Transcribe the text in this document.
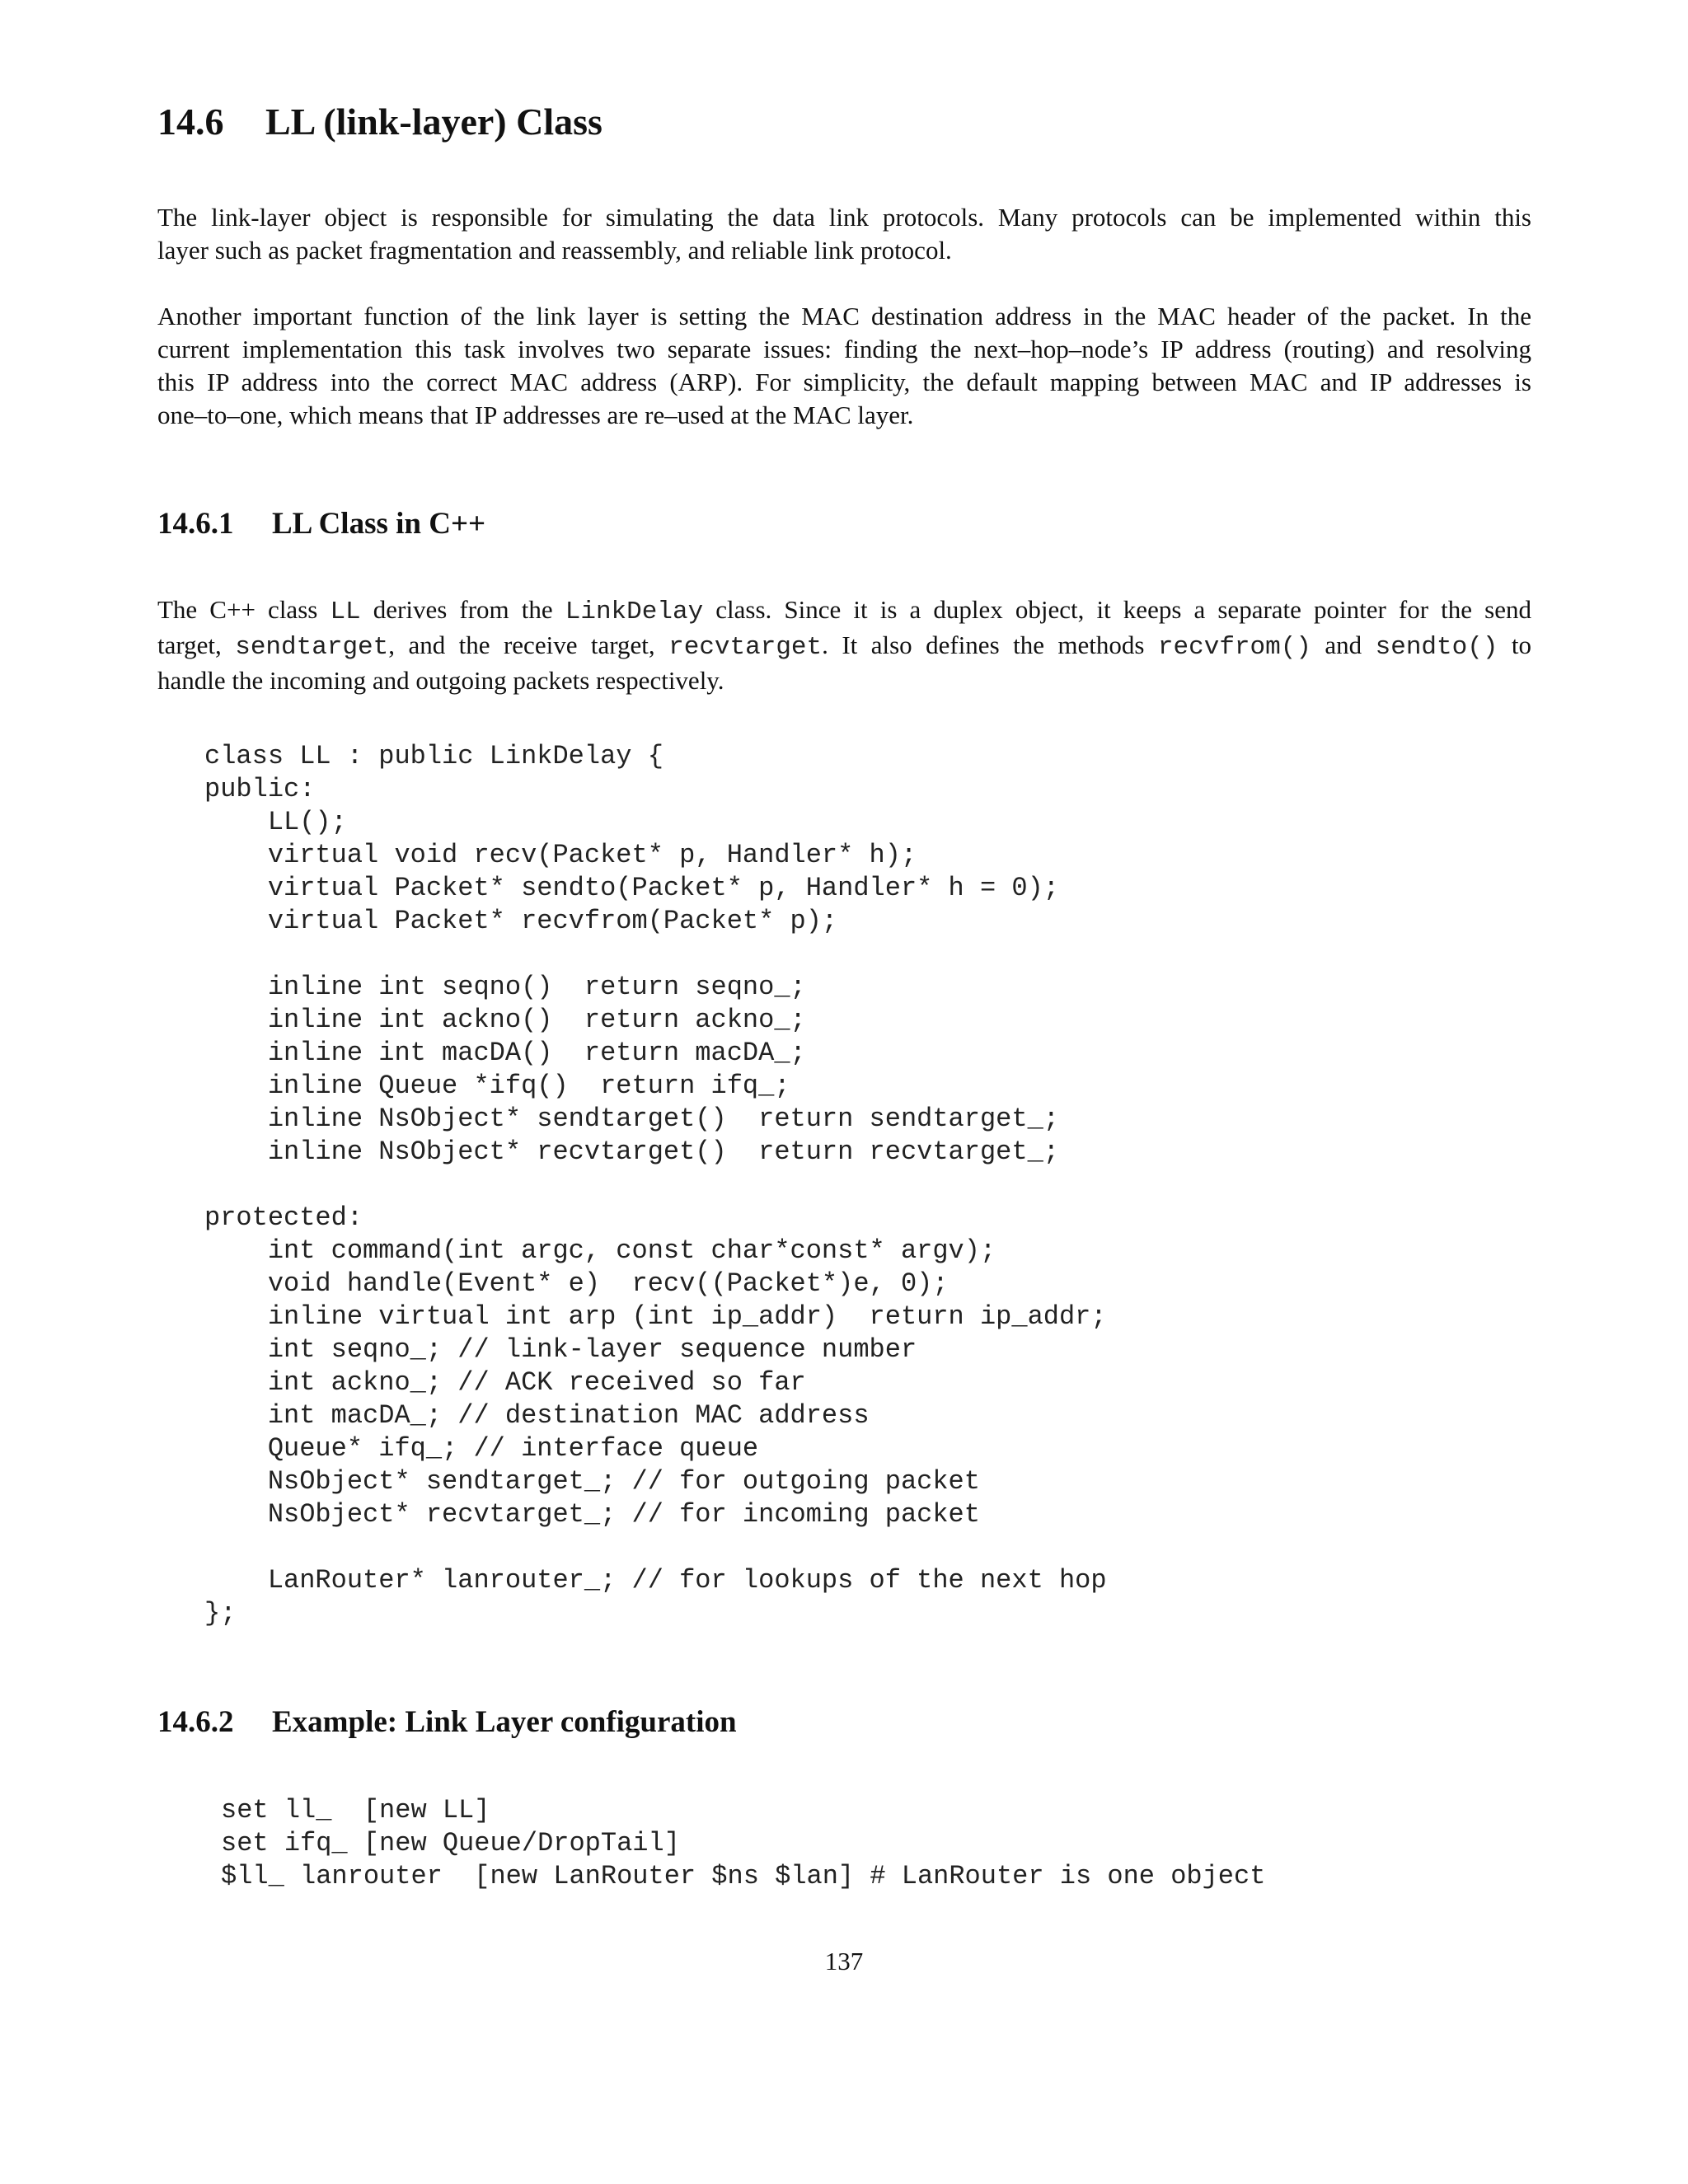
14.6 LL (link-layer) Class

The link-layer object is responsible for simulating the data link protocols. Many protocols can be implemented within this
layer such as packet fragmentation and reassembly, and reliable link protocol.

Another important function of the link layer is setting the MAC destination address in the MAC header of the packet. In the
current implementation this task involves two separate issues: finding the next–hop–node’s IP address (routing) and resolving
this IP address into the correct MAC address (ARP). For simplicity, the default mapping between MAC and IP addresses is
one–to–one, which means that IP addresses are re–used at the MAC layer.

14.6.1 LL Class in C++

The C++ class LL derives from the LinkDelay class. Since it is a duplex object, it keeps a separate pointer for the send
target, sendtarget, and the receive target, recvtarget. It also defines the methods recvfrom() and sendto() to
handle the incoming and outgoing packets respectively.

class LL : public LinkDelay {
public:
LL();
virtual void recv(Packet* p, Handler* h);
virtual Packet* sendto(Packet* p, Handler* h = 0);
virtual Packet* recvfrom(Packet* p);

inline int seqno()  return seqno_;
inline int ackno()  return ackno_;
inline int macDA()  return macDA_;
inline Queue *ifq()  return ifq_;
inline NsObject* sendtarget()  return sendtarget_;
inline NsObject* recvtarget()  return recvtarget_;

protected:
int command(int argc, const char*const* argv);
void handle(Event* e)  recv((Packet*)e, 0);
inline virtual int arp (int ip_addr)  return ip_addr;
int seqno_; // link-layer sequence number
int ackno_; // ACK received so far
int macDA_; // destination MAC address
Queue* ifq_; // interface queue
NsObject* sendtarget_; // for outgoing packet
NsObject* recvtarget_; // for incoming packet

LanRouter* lanrouter_; // for lookups of the next hop
};
14.6.2 Example: Link Layer configuration
set ll_  [new LL]
set ifq_ [new Queue/DropTail]
$ll_ lanrouter  [new LanRouter $ns $lan] # LanRouter is one object

137
